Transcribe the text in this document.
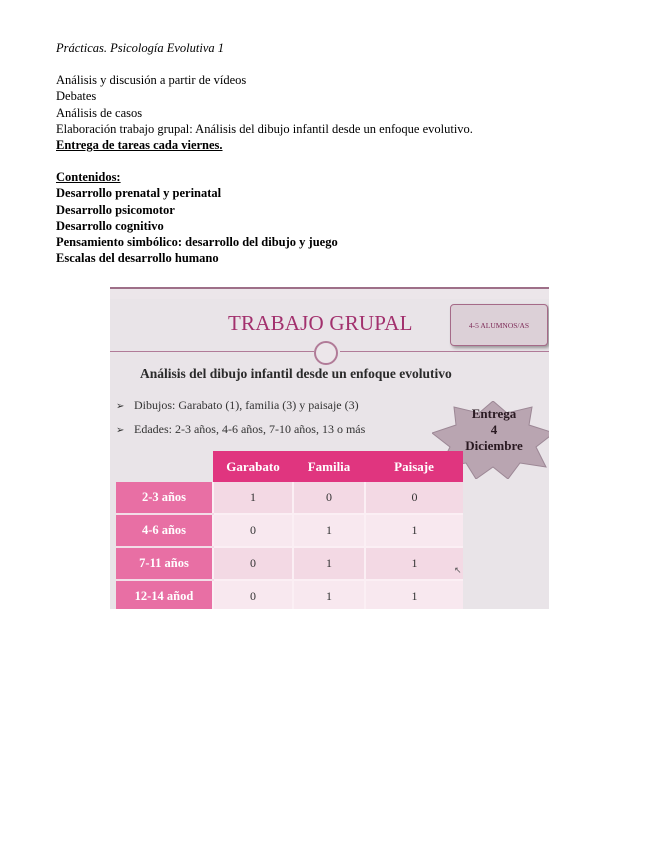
Prácticas. Psicología Evolutiva 1
Análisis y discusión a partir de vídeos
Debates
Análisis de casos
Elaboración trabajo grupal: Análisis del dibujo infantil desde un enfoque evolutivo.
Entrega de tareas cada viernes.
Contenidos:
Desarrollo prenatal y perinatal
Desarrollo psicomotor
Desarrollo cognitivo
Pensamiento simbólico: desarrollo del dibujo y juego
Escalas del desarrollo humano
TRABAJO GRUPAL	4-5 ALUMNOS/AS
Análisis del dibujo infantil desde un enfoque evolutivo
➢ Dibujos: Garabato (1), familia (3) y paisaje (3)
➢ Edades: 2-3 años, 4-6 años, 7-10 años, 13 o más
Entrega
4
Diciembre
	Garabato	Familia	Paisaje
2-3 años	1	0	0
4-6 años	0	1	1
7-11 años	0	1	1
12-14 añod	0	1	1
↖
